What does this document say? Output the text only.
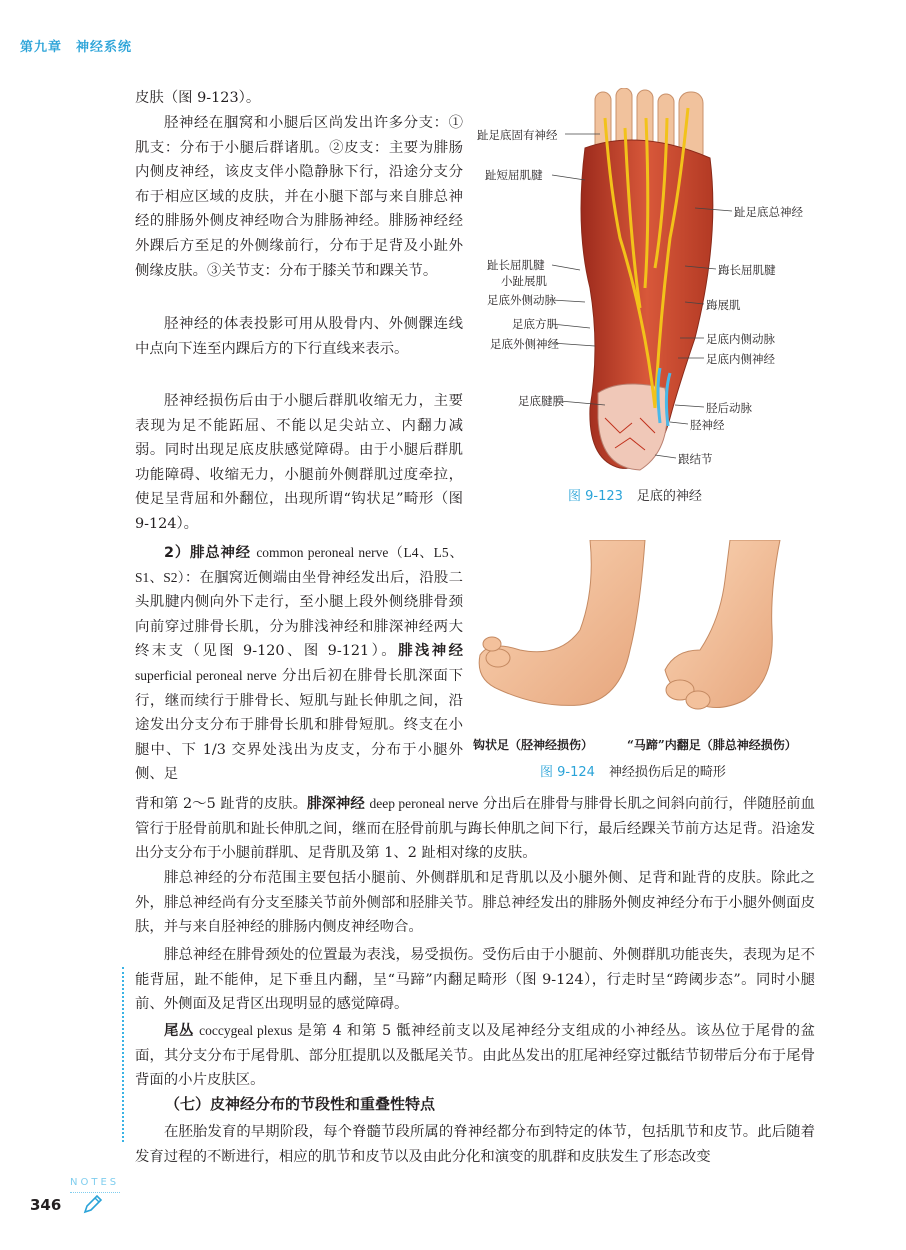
第九章 神经系统

皮肤（图 9-123）。

胫神经在腘窝和小腿后区尚发出许多分支：①肌支：分布于小腿后群诸肌。②皮支：主要为腓肠内侧皮神经，该皮支伴小隐静脉下行，沿途分支分布于相应区域的皮肤，并在小腿下部与来自腓总神经的腓肠外侧皮神经吻合为腓肠神经。腓肠神经经外踝后方至足的外侧缘前行，分布于足背及小趾外侧缘皮肤。③关节支：分布于膝关节和踝关节。

胫神经的体表投影可用从股骨内、外侧髁连线中点向下连至内踝后方的下行直线来表示。

胫神经损伤后由于小腿后群肌收缩无力，主要表现为足不能跖屈、不能以足尖站立、内翻力减弱。同时出现足底皮肤感觉障碍。由于小腿后群肌功能障碍、收缩无力，小腿前外侧群肌过度牵拉，使足呈背屈和外翻位，出现所谓“钩状足”畸形（图 9-124）。

2）腓总神经 common peroneal nerve（L4、L5、S1、S2）：在腘窝近侧端由坐骨神经发出后，沿股二头肌腱内侧向外下走行，至小腿上段外侧绕腓骨颈向前穿过腓骨长肌，分为腓浅神经和腓深神经两大终末支（见图 9-120、图 9-121）。腓浅神经 superficial peroneal nerve 分出后初在腓骨长肌深面下行，继而续行于腓骨长、短肌与趾长伸肌之间，沿途发出分支分布于腓骨长肌和腓骨短肌。终支在小腿中、下 1/3 交界处浅出为皮支，分布于小腿外侧、足

背和第 2～5 趾背的皮肤。腓深神经 deep peroneal nerve 分出后在腓骨与腓骨长肌之间斜向前行，伴随胫前血管行于胫骨前肌和趾长伸肌之间，继而在胫骨前肌与踇长伸肌之间下行，最后经踝关节前方达足背。沿途发出分支分布于小腿前群肌、足背肌及第 1、2 趾相对缘的皮肤。

腓总神经的分布范围主要包括小腿前、外侧群肌和足背肌以及小腿外侧、足背和趾背的皮肤。除此之外，腓总神经尚有分支至膝关节前外侧部和胫腓关节。腓总神经发出的腓肠外侧皮神经分布于小腿外侧面皮肤，并与来自胫神经的腓肠内侧皮神经吻合。

腓总神经在腓骨颈处的位置最为表浅，易受损伤。受伤后由于小腿前、外侧群肌功能丧失，表现为足不能背屈，趾不能伸，足下垂且内翻，呈“马蹄”内翻足畸形（图 9-124），行走时呈“跨阈步态”。同时小腿前、外侧面及足背区出现明显的感觉障碍。

尾丛 coccygeal plexus 是第 4 和第 5 骶神经前支以及尾神经分支组成的小神经丛。该丛位于尾骨的盆面，其分支分布于尾骨肌、部分肛提肌以及骶尾关节。由此丛发出的肛尾神经穿过骶结节韧带后分布于尾骨背面的小片皮肤区。

（七）皮神经分布的节段性和重叠性特点

在胚胎发育的早期阶段，每个脊髓节段所属的脊神经都分布到特定的体节，包括肌节和皮节。此后随着发育过程的不断进行，相应的肌节和皮节以及由此分化和演变的肌群和皮肤发生了形态改变

趾足底固有神经
趾短屈肌腱
趾长屈肌腱
小趾展肌
足底外侧动脉
足底方肌
足底外侧神经
足底腱膜
趾足底总神经
踇长屈肌腱
踇展肌
足底内侧动脉
足底内侧神经
胫后动脉
胫神经
跟结节
图 9-123 足底的神经
钩状足（胫神经损伤）	“马蹄”内翻足（腓总神经损伤）
图 9-124 神经损伤后足的畸形
NOTES
346
